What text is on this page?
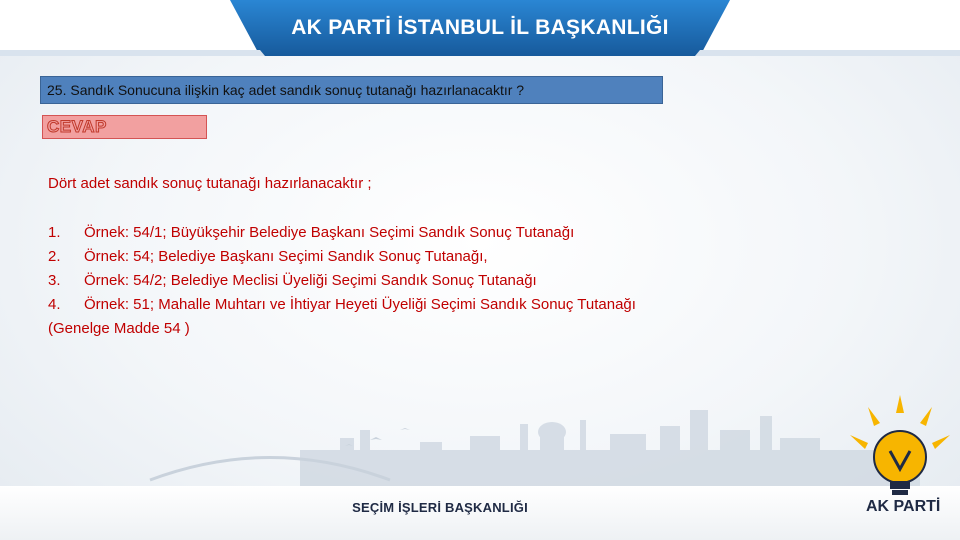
AK PARTİ İSTANBUL İL BAŞKANLIĞI
25. Sandık Sonucuna ilişkin kaç adet sandık sonuç tutanağı hazırlanacaktır ?
CEVAP
Dört adet sandık sonuç tutanağı hazırlanacaktır ;
1. Örnek: 54/1; Büyükşehir Belediye Başkanı Seçimi Sandık Sonuç Tutanağı
2. Örnek: 54; Belediye Başkanı Seçimi Sandık Sonuç Tutanağı,
3. Örnek: 54/2; Belediye Meclisi Üyeliği Seçimi Sandık Sonuç Tutanağı
4. Örnek: 51; Mahalle Muhtarı ve İhtiyar Heyeti Üyeliği Seçimi Sandık Sonuç Tutanağı
(Genelge Madde 54 )
SEÇİM İŞLERİ BAŞKANLIĞI	AK PARTİ
